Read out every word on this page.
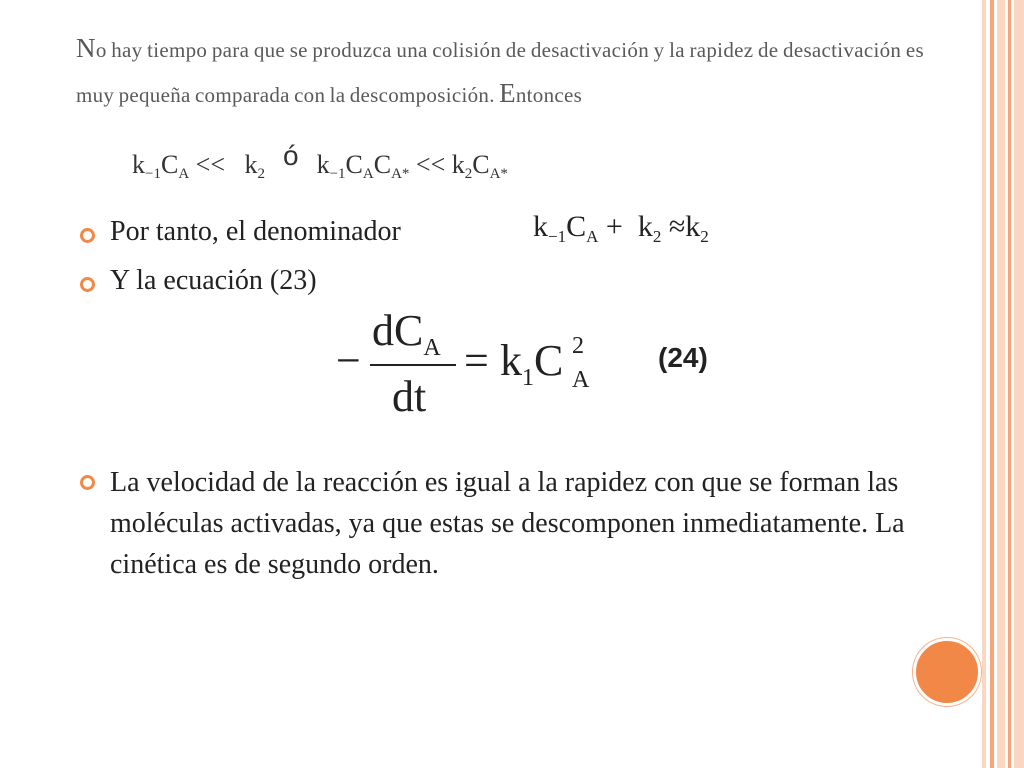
No hay tiempo para que se produzca una colisión de desactivación y la rapidez de desactivación es muy pequeña comparada con la descomposición. Entonces
$k_{-1}C_A$ << $k_2ó$ $k_{-1}C_AC_{A*} << k_2C_{A*}$
Por tanto, el denominador	$k_{-1}C_A + k_2 \approx k_2$
Y la ecuación (23)
−
$dC_A$
dt
= $k_1C$ 2
A
(24)
La velocidad de la reacción es igual a la rapidez con que se forman las moléculas activadas, ya que estas se descomponen inmediatamente. La cinética es de segundo orden.
